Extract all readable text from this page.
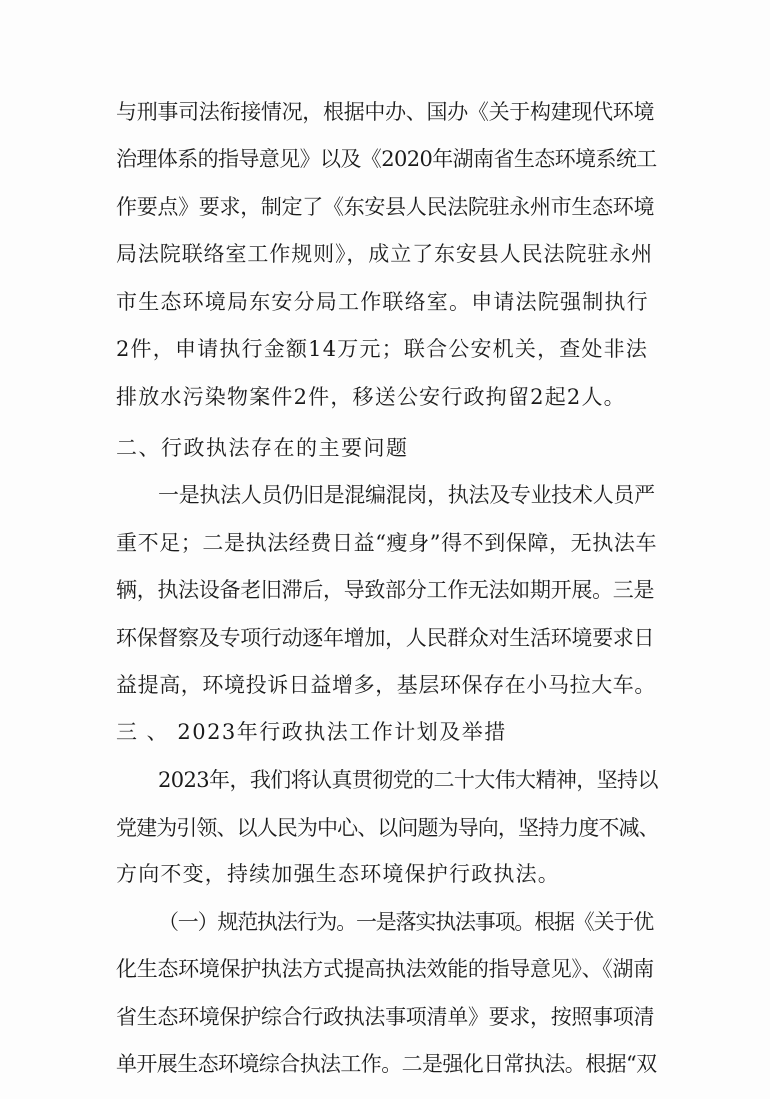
与刑事司法衔接情况，根据中办、国办《关于构建现代环境
治理体系的指导意见》以及《2020年湖南省生态环境系统工
作要点》要求，制定了《东安县人民法院驻永州市生态环境
局法院联络室工作规则》，成立了东安县人民法院驻永州
市生态环境局东安分局工作联络室。申请法院强制执行
2件，申请执行金额14万元；联合公安机关，查处非法
排放水污染物案件2件，移送公安行政拘留2起2人。
二、行政执法存在的主要问题
一是执法人员仍旧是混编混岗，执法及专业技术人员严
重不足；二是执法经费日益“瘦身”得不到保障，无执法车
辆，执法设备老旧滞后，导致部分工作无法如期开展。三是
环保督察及专项行动逐年增加，人民群众对生活环境要求日
益提高，环境投诉日益增多，基层环保存在小马拉大车。
三 、 2023年行政执法工作计划及举措
2023年，我们将认真贯彻党的二十大伟大精神，坚持以
党建为引领、以人民为中心、以问题为导向，坚持力度不减、
方向不变，持续加强生态环境保护行政执法。
（一）规范执法行为。一是落实执法事项。根据《关于优
化生态环境保护执法方式提高执法效能的指导意见》、《湖南
省生态环境保护综合行政执法事项清单》要求，按照事项清
单开展生态环境综合执法工作。二是强化日常执法。根据“双
